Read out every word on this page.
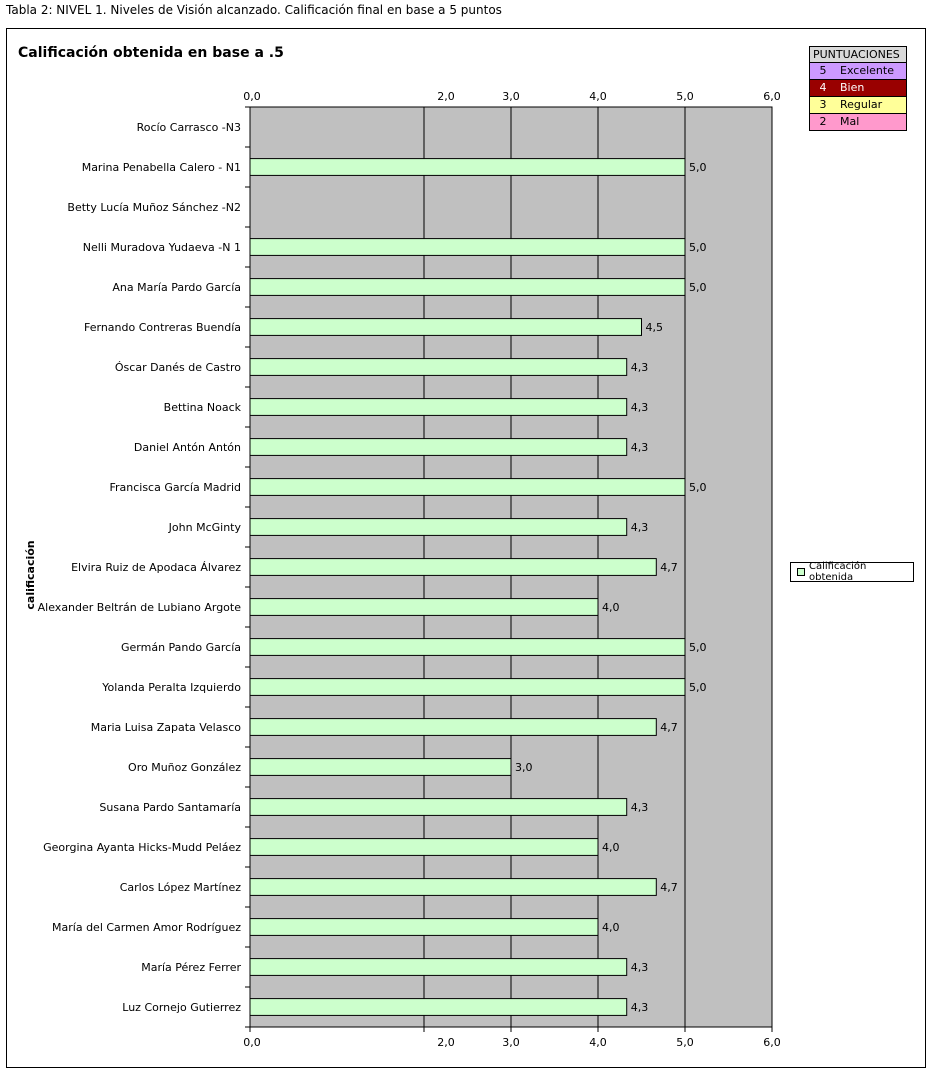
Tabla 2: NIVEL 1. Niveles de Visión alcanzado. Calificación final en base a 5 puntos
Calificación obtenida en base a .5
Rocío Carrasco -N3
Marina Penabella Calero - N1
Betty Lucía Muñoz Sánchez -N2
Nelli Muradova Yudaeva -N 1
Ana María Pardo García
Fernando Contreras Buendía
Óscar Danés de Castro
Bettina Noack
Daniel Antón Antón
Francisca García Madrid
John McGinty
Elvira Ruiz de Apodaca Álvarez
Alexander Beltrán de Lubiano Argote
Germán Pando García
Yolanda Peralta Izquierdo
Maria Luisa Zapata Velasco
Oro Muñoz González
Susana Pardo Santamaría
Georgina Ayanta Hicks-Mudd Peláez
Carlos López Martínez
María del Carmen Amor Rodríguez
María Pérez Ferrer
Luz Cornejo Gutierrez
5,0
5,0
5,0
4,5
4,3
4,3
4,3
5,0
4,3
4,7
4,0
5,0
5,0
4,7
3,0
4,3
4,0
4,7
4,0
4,3
4,3
0,0	2,0	3,0	4,0	5,0	6,0
0,0	2,0	3,0	4,0	5,0	6,0
calificación
PUNTUACIONES
5	Excelente
4	Bien
3	Regular
2	Mal
Calificación obtenida
